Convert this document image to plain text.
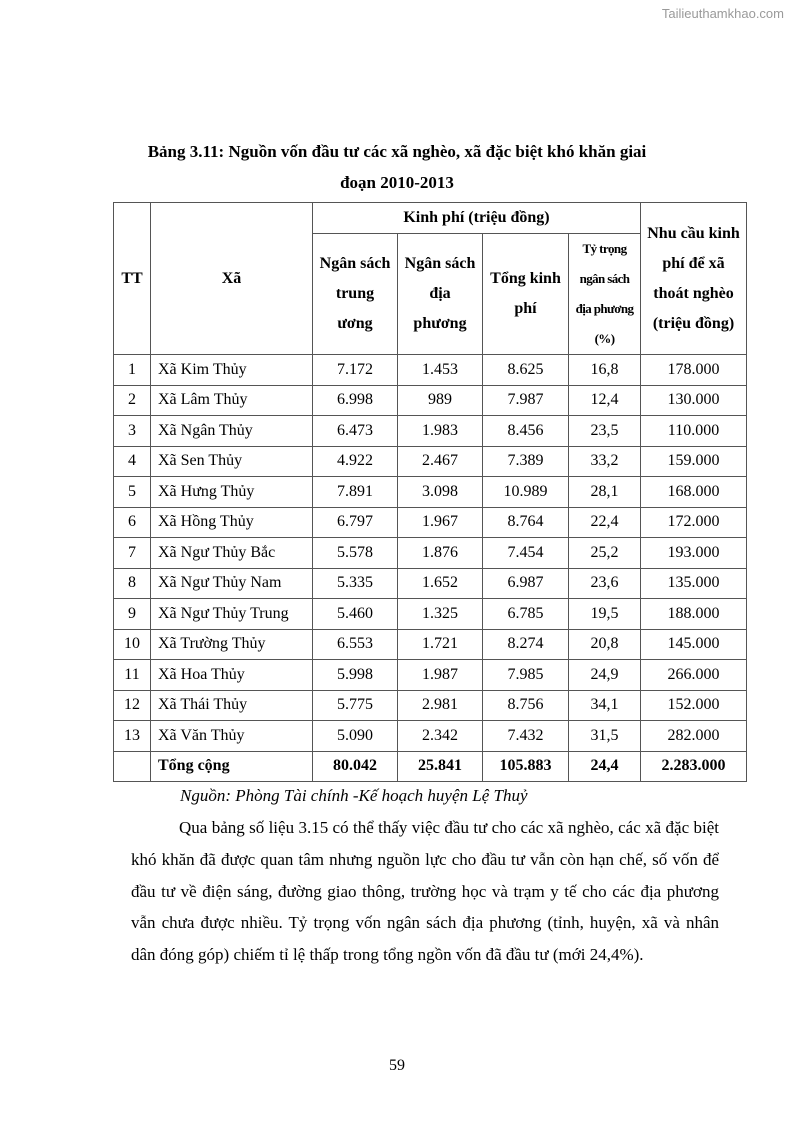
Tailieuthamkhao.com
Bảng 3.11: Nguồn vốn đầu tư các xã nghèo, xã đặc biệt khó khăn giai
đoạn 2010-2013
TT	Xã	Kinh phí (triệu đồng)				Nhu cầu kinh phí để xã thoát nghèo (triệu đồng)
		Ngân sách trung ương	Ngân sách địa phương	Tổng kinh phí	Tỷ trọng ngân sách địa phương (%)	
1	Xã Kim Thủy	7.172	1.453	8.625	16,8	178.000
2	Xã Lâm Thủy	6.998	989	7.987	12,4	130.000
3	Xã Ngân Thủy	6.473	1.983	8.456	23,5	110.000
4	Xã Sen Thủy	4.922	2.467	7.389	33,2	159.000
5	Xã Hưng Thủy	7.891	3.098	10.989	28,1	168.000
6	Xã Hồng Thủy	6.797	1.967	8.764	22,4	172.000
7	Xã Ngư Thủy Bắc	5.578	1.876	7.454	25,2	193.000
8	Xã Ngư Thủy Nam	5.335	1.652	6.987	23,6	135.000
9	Xã Ngư Thủy Trung	5.460	1.325	6.785	19,5	188.000
10	Xã Trường Thủy	6.553	1.721	8.274	20,8	145.000
11	Xã Hoa Thủy	5.998	1.987	7.985	24,9	266.000
12	Xã Thái Thủy	5.775	2.981	8.756	34,1	152.000
13	Xã Văn Thủy	5.090	2.342	7.432	31,5	282.000
	Tổng cộng	80.042	25.841	105.883	24,4	2.283.000
Nguồn: Phòng Tài chính -Kế hoạch huyện Lệ Thuỷ
Qua bảng số liệu 3.15 có thể thấy việc đầu tư cho các xã nghèo, các xã đặc biệt khó khăn đã được quan tâm nhưng nguồn lực cho đầu tư vẫn còn hạn chế, số vốn để đầu tư về điện sáng, đường giao thông, trường học và trạm y tế cho các địa phương vẫn chưa được nhiều. Tỷ trọng vốn ngân sách địa phương (tỉnh, huyện, xã và nhân dân đóng góp) chiếm tỉ lệ thấp trong tổng ngồn vốn đã đầu tư (mới 24,4%).
59
